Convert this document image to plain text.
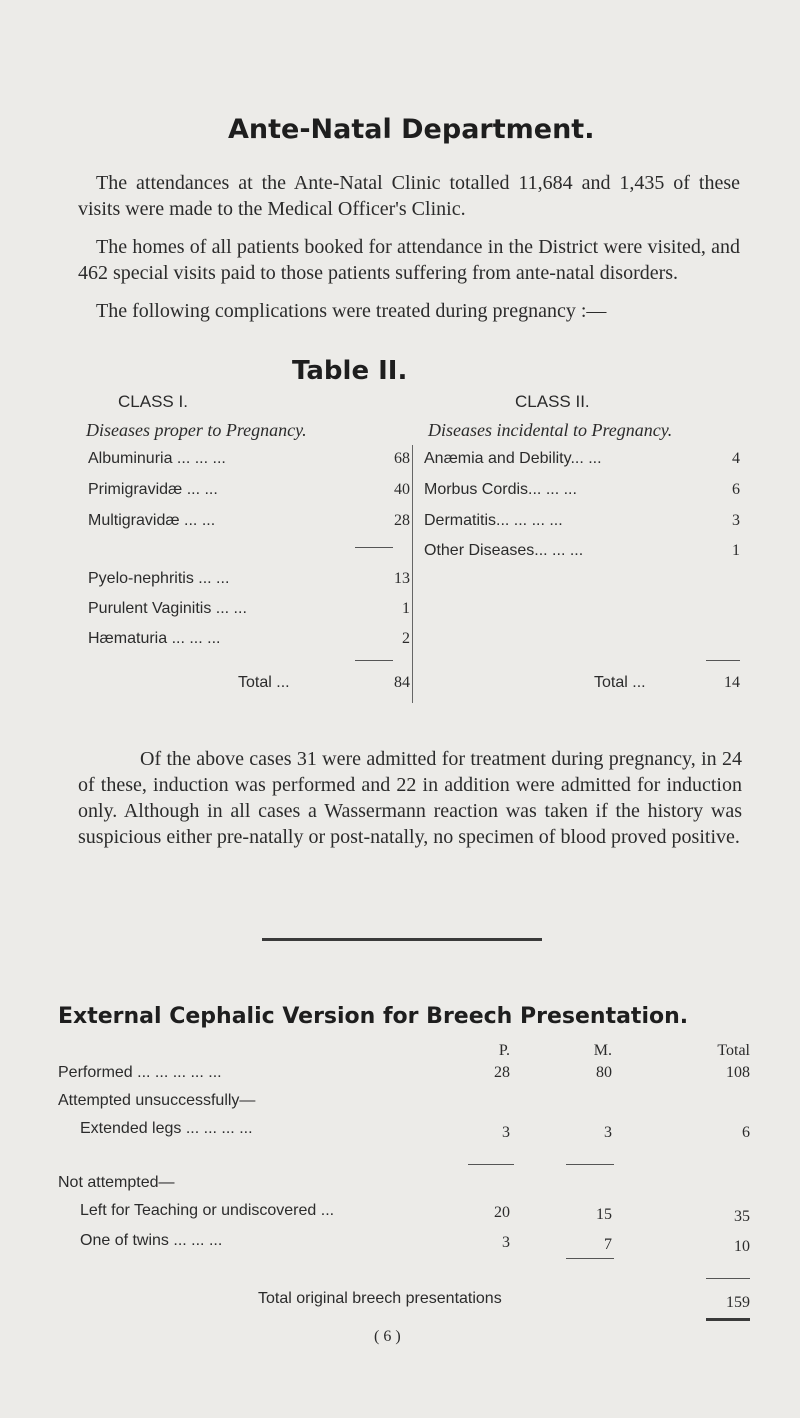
Ante-Natal Department.

The attendances at the Ante-Natal Clinic totalled 11,684 and 1,435 of these visits were made to the Medical Officer's Clinic.

The homes of all patients booked for attendance in the District were visited, and 462 special visits paid to those patients suffering from ante-natal disorders.

The following complications were treated during pregnancy :—

Table II.
CLASS I.
Diseases proper to Pregnancy.
Albuminuria ... ... ...	68
Primigravidæ ... ...	40
Multigravidæ ... ...	28
Pyelo-nephritis ... ...	13
Purulent Vaginitis ... ...	1
Hæmaturia ... ... ...	2
Total ...	84
CLASS II.
Diseases incidental to Pregnancy.
Anæmia and Debility... ...	4
Morbus Cordis... ... ...	6
Dermatitis... ... ... ...	3
Other Diseases... ... ...	1
Total ...	14

Of the above cases 31 were admitted for treatment during pregnancy, in 24 of these, induction was performed and 22 in addition were admitted for induction only. Although in all cases a Wassermann reaction was taken if the history was suspicious either pre-natally or post-natally, no specimen of blood proved positive.

External Cephalic Version for Breech Presentation.
P.	M.	Total
Performed ... ... ... ... ...	28	80	108
Attempted unsuccessfully—
Extended legs ... ... ... ...	3	3	6
Not attempted—
Left for Teaching or undiscovered ...	20	15	35
One of twins ... ... ...	3	7	10
Total original breech presentations	159
( 6 )
